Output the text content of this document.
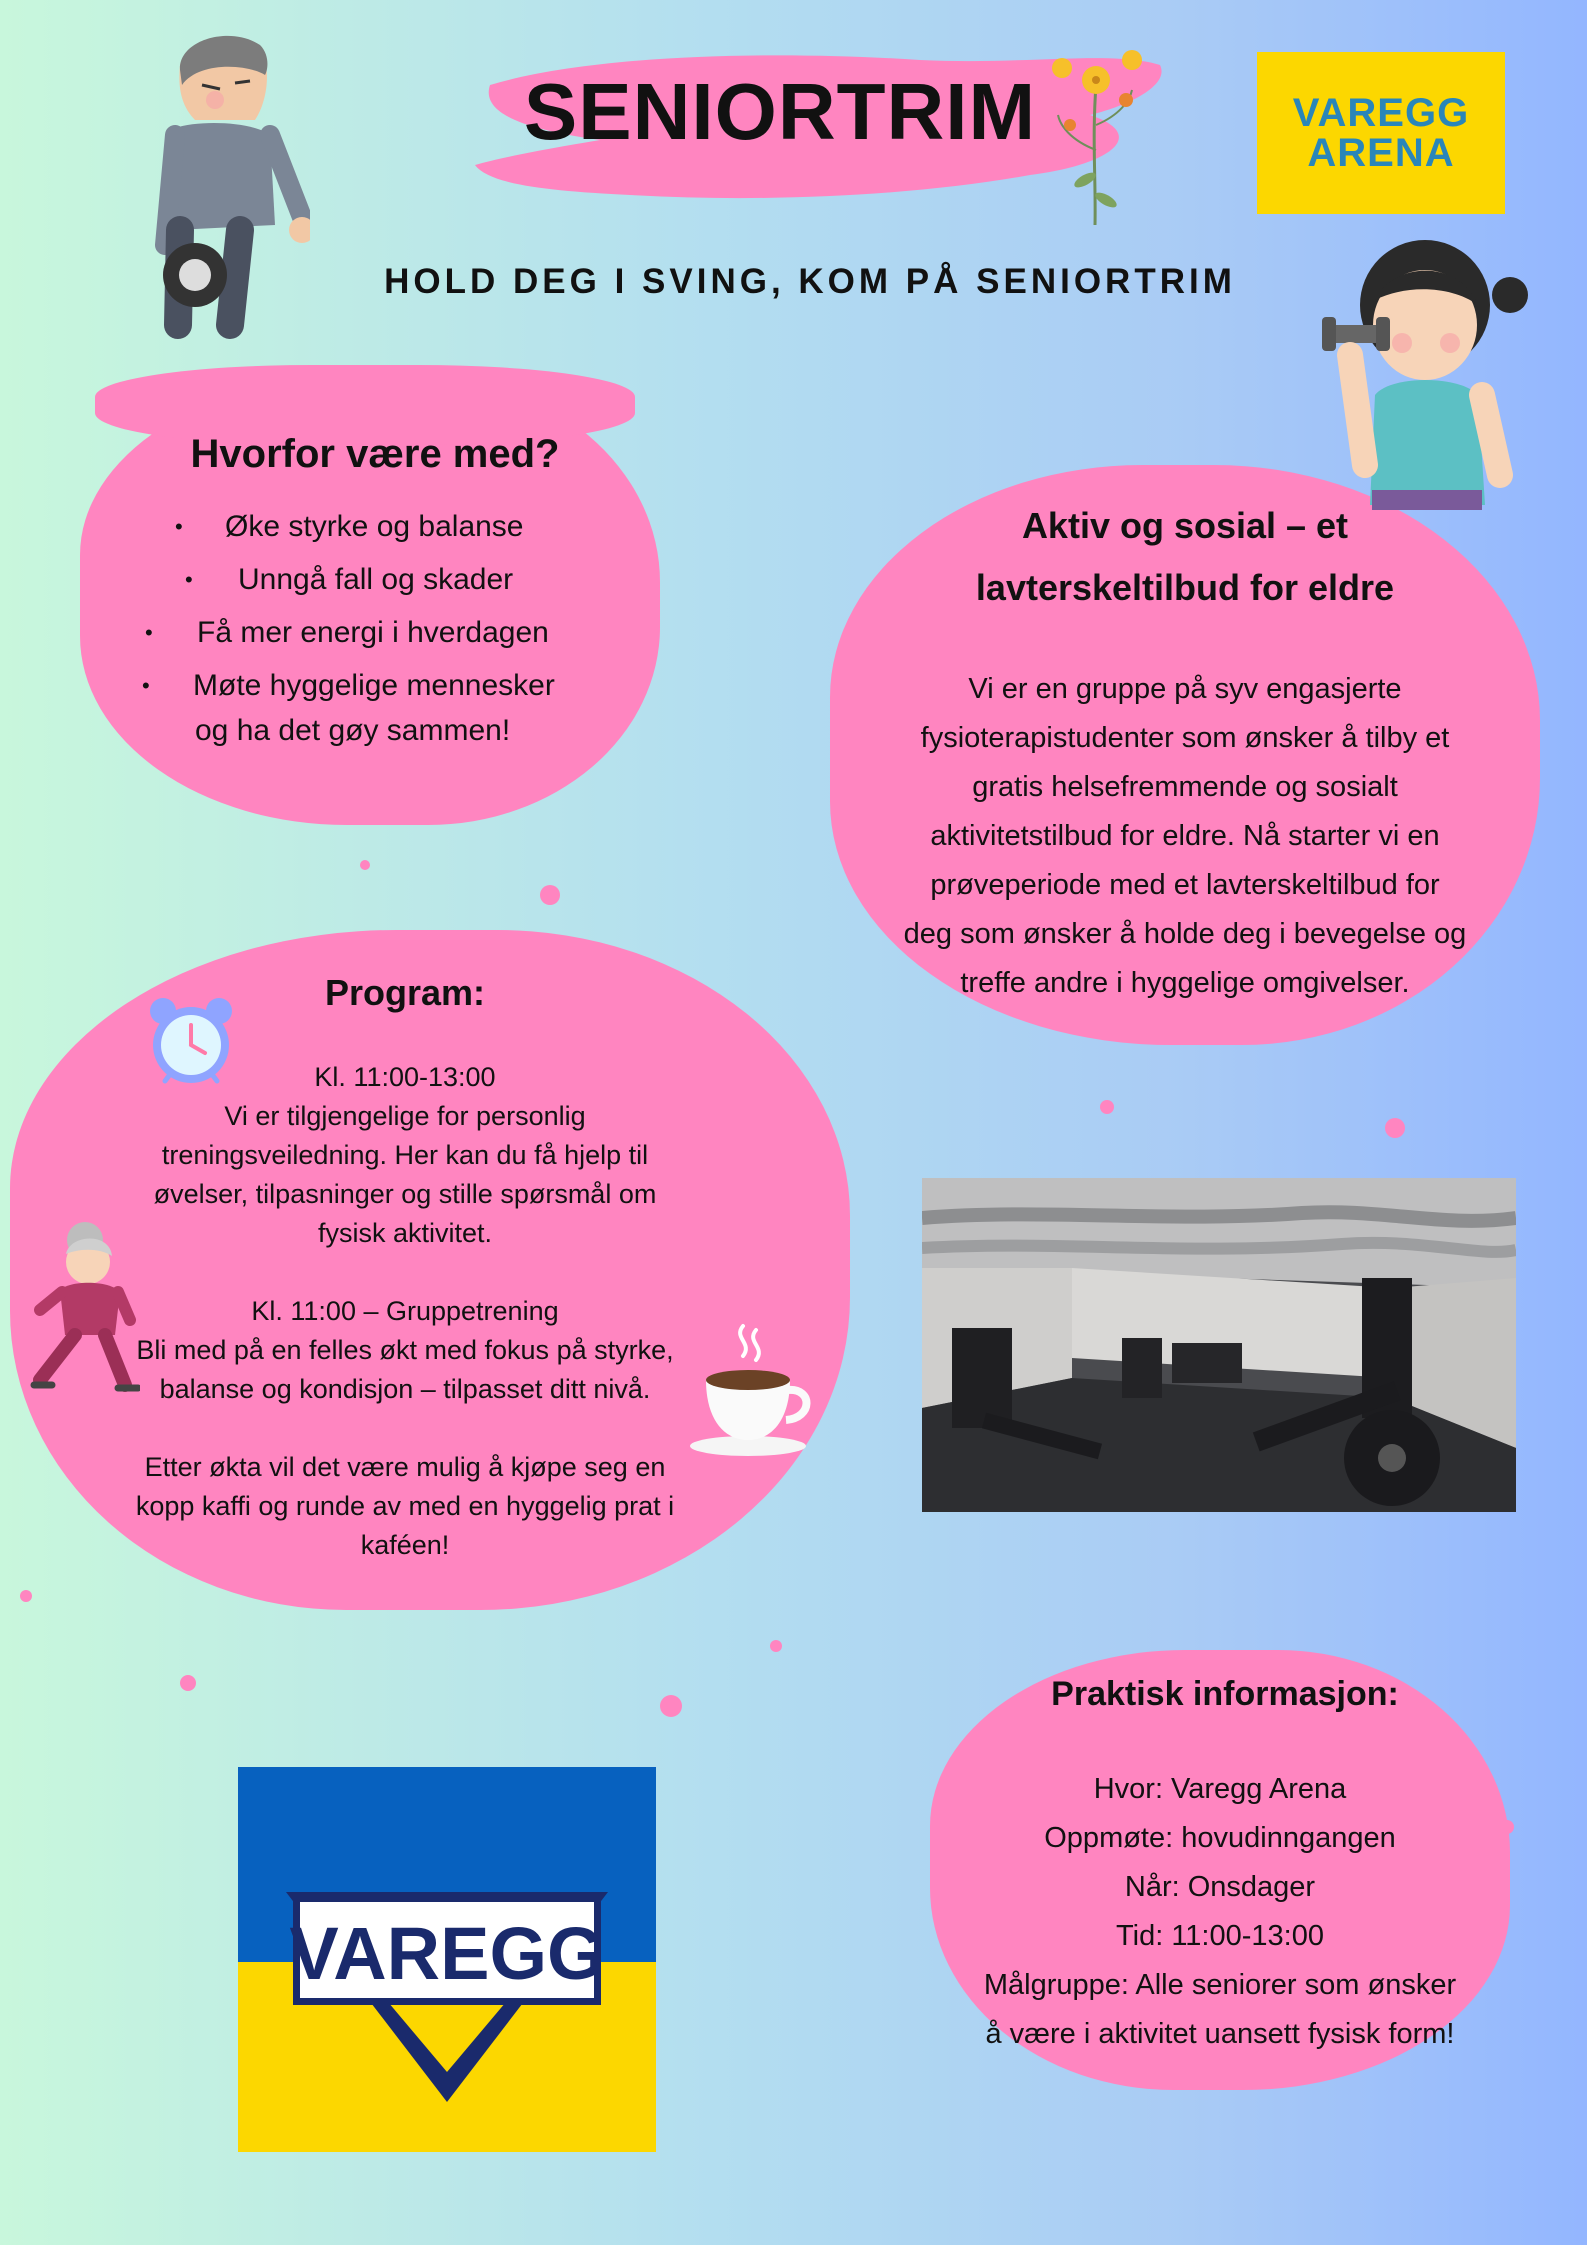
SENIORTRIM
HOLD DEG I SVING, KOM PÅ SENIORTRIM
VAREGG
ARENA
Hvorfor være med?
• Øke styrke og balanse
• Unngå fall og skader
• Få mer energi i hverdagen
• Møte hyggelige mennesker
og ha det gøy sammen!
Aktiv og sosial – et
lavterskeltilbud for eldre
Vi er en gruppe på syv engasjerte
fysioterapistudenter som ønsker å tilby et
gratis helsefremmende og sosialt
aktivitetstilbud for eldre. Nå starter vi en
prøveperiode med et lavterskeltilbud for
deg som ønsker å holde deg i bevegelse og
treffe andre i hyggelige omgivelser.
Program:
Kl. 11:00-13:00
Vi er tilgjengelige for personlig
treningsveiledning. Her kan du få hjelp til
øvelser, tilpasninger og stille spørsmål om
fysisk aktivitet.
Kl. 11:00 – Gruppetrening
Bli med på en felles økt med fokus på styrke,
balanse og kondisjon – tilpasset ditt nivå.
Etter økta vil det være mulig å kjøpe seg en
kopp kaffi og runde av med en hyggelig prat i
kaféen!
Praktisk informasjon:
Hvor: Varegg Arena
Oppmøte: hovudinngangen
Når: Onsdager
Tid: 11:00-13:00
Målgruppe: Alle seniorer som ønsker
å være i aktivitet uansett fysisk form!
VAREGG
